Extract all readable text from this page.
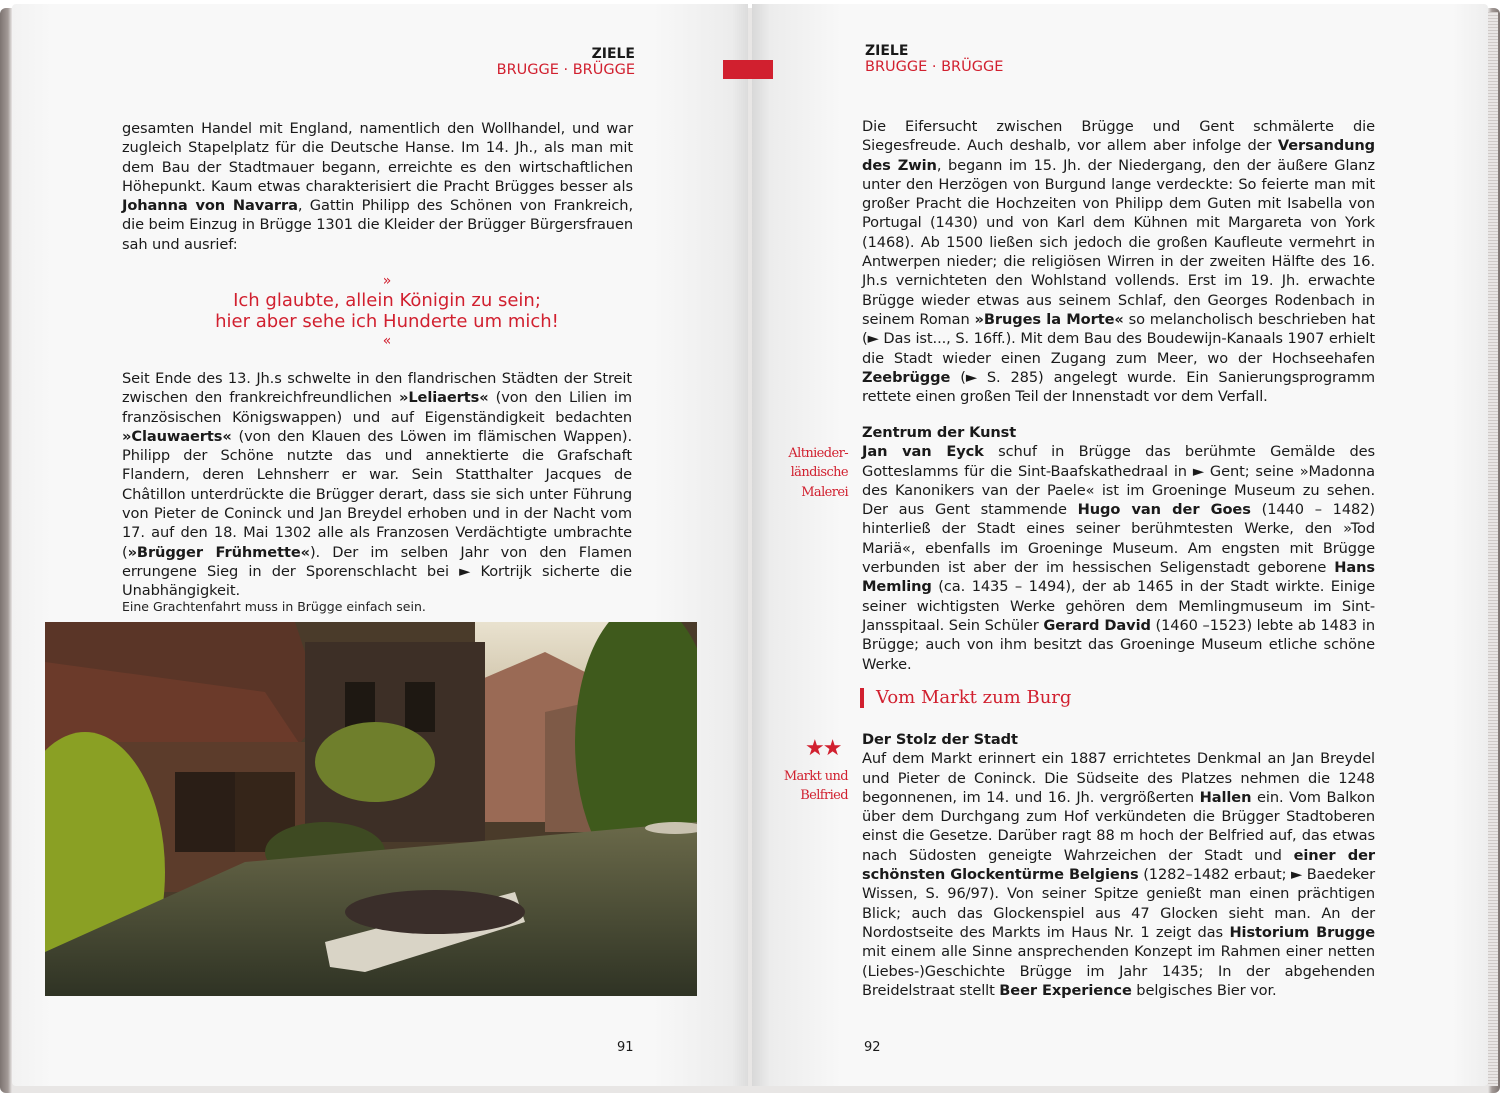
ZIELE
BRUGGE · BRÜGGE
gesamten Handel mit England, namentlich den Wollhandel, und war zugleich Stapelplatz für die Deutsche Hanse. Im 14. Jh., als man mit dem Bau der Stadtmauer begann, erreichte es den wirtschaftlichen Höhepunkt. Kaum etwas charakterisiert die Pracht Brügges besser als Johanna von Navarra, Gattin Philipp des Schönen von Frankreich, die beim Einzug in Brügge 1301 die Kleider der Brügger Bürgersfrauen sah und ausrief:
»
Ich glaubte, allein Königin zu sein;
hier aber sehe ich Hunderte um mich!
«
Seit Ende des 13. Jh.s schwelte in den flandrischen Städten der Streit zwischen den frankreichfreundlichen »Leliaerts« (von den Lilien im französischen Königswappen) und auf Eigenständigkeit bedachten »Clauwaerts« (von den Klauen des Löwen im flämischen Wappen). Philipp der Schöne nutzte das und annektierte die Grafschaft Flandern, deren Lehnsherr er war. Sein Statthalter Jacques de Châtillon unterdrückte die Brügger derart, dass sie sich unter Führung von Pieter de Coninck und Jan Breydel erhoben und in der Nacht vom 17. auf den 18. Mai 1302 alle als Franzosen Verdächtigte umbrachte (»Brügger Frühmette«). Der im selben Jahr von den Flamen errungene Sieg in der Sporenschlacht bei ► Kortrijk sicherte die Unabhängigkeit.
Eine Grachtenfahrt muss in Brügge einfach sein.
91
ZIELE
BRUGGE · BRÜGGE
Die Eifersucht zwischen Brügge und Gent schmälerte die Siegesfreude. Auch deshalb, vor allem aber infolge der Versandung des Zwin, begann im 15. Jh. der Niedergang, den der äußere Glanz unter den Herzögen von Burgund lange verdeckte: So feierte man mit großer Pracht die Hochzeiten von Philipp dem Guten mit Isabella von Portugal (1430) und von Karl dem Kühnen mit Margareta von York (1468). Ab 1500 ließen sich jedoch die großen Kaufleute vermehrt in Antwerpen nieder; die religiösen Wirren in der zweiten Hälfte des 16. Jh.s vernichteten den Wohlstand vollends. Erst im 19. Jh. erwachte Brügge wieder etwas aus seinem Schlaf, den Georges Rodenbach in seinem Roman »Bruges la Morte« so melancholisch beschrieben hat (► Das ist..., S. 16ff.). Mit dem Bau des Boudewijn-Kanaals 1907 erhielt die Stadt wieder einen Zugang zum Meer, wo der Hochseehafen Zeebrügge (► S. 285) angelegt wurde. Ein Sanierungsprogramm rettete einen großen Teil der Innenstadt vor dem Verfall.
Altnieder-ländische Malerei
Zentrum der Kunst
Jan van Eyck schuf in Brügge das berühmte Gemälde des Gotteslamms für die Sint-Baafskathedraal in ► Gent; seine »Madonna des Kanonikers van der Paele« ist im Groeninge Museum zu sehen. Der aus Gent stammende Hugo van der Goes (1440 – 1482) hinterließ der Stadt eines seiner berühmtesten Werke, den »Tod Mariä«, ebenfalls im Groeninge Museum. Am engsten mit Brügge verbunden ist aber der im hessischen Seligenstadt geborene Hans Memling (ca. 1435 – 1494), der ab 1465 in der Stadt wirkte. Einige seiner wichtigsten Werke gehören dem Memlingmuseum im Sint-Jansspitaal. Sein Schüler Gerard David (1460 –1523) lebte ab 1483 in Brügge; auch von ihm besitzt das Groeninge Museum etliche schöne Werke.
Vom Markt zum Burg
★★
Markt und Belfried
Der Stolz der Stadt
Auf dem Markt erinnert ein 1887 errichtetes Denkmal an Jan Breydel und Pieter de Coninck. Die Südseite des Platzes nehmen die 1248 begonnenen, im 14. und 16. Jh. vergrößerten Hallen ein. Vom Balkon über dem Durchgang zum Hof verkündeten die Brügger Stadtoberen einst die Gesetze. Darüber ragt 88 m hoch der Belfried auf, das etwas nach Südosten geneigte Wahrzeichen der Stadt und einer der schönsten Glockentürme Belgiens (1282–1482 erbaut; ► Baedeker Wissen, S. 96/97). Von seiner Spitze genießt man einen prächtigen Blick; auch das Glockenspiel aus 47 Glocken sieht man. An der Nordostseite des Markts im Haus Nr. 1 zeigt das Historium Brugge mit einem alle Sinne ansprechenden Konzept im Rahmen einer netten (Liebes-)Geschichte Brügge im Jahr 1435; In der abgehenden Breidelstraat stellt Beer Experience belgisches Bier vor.
92
